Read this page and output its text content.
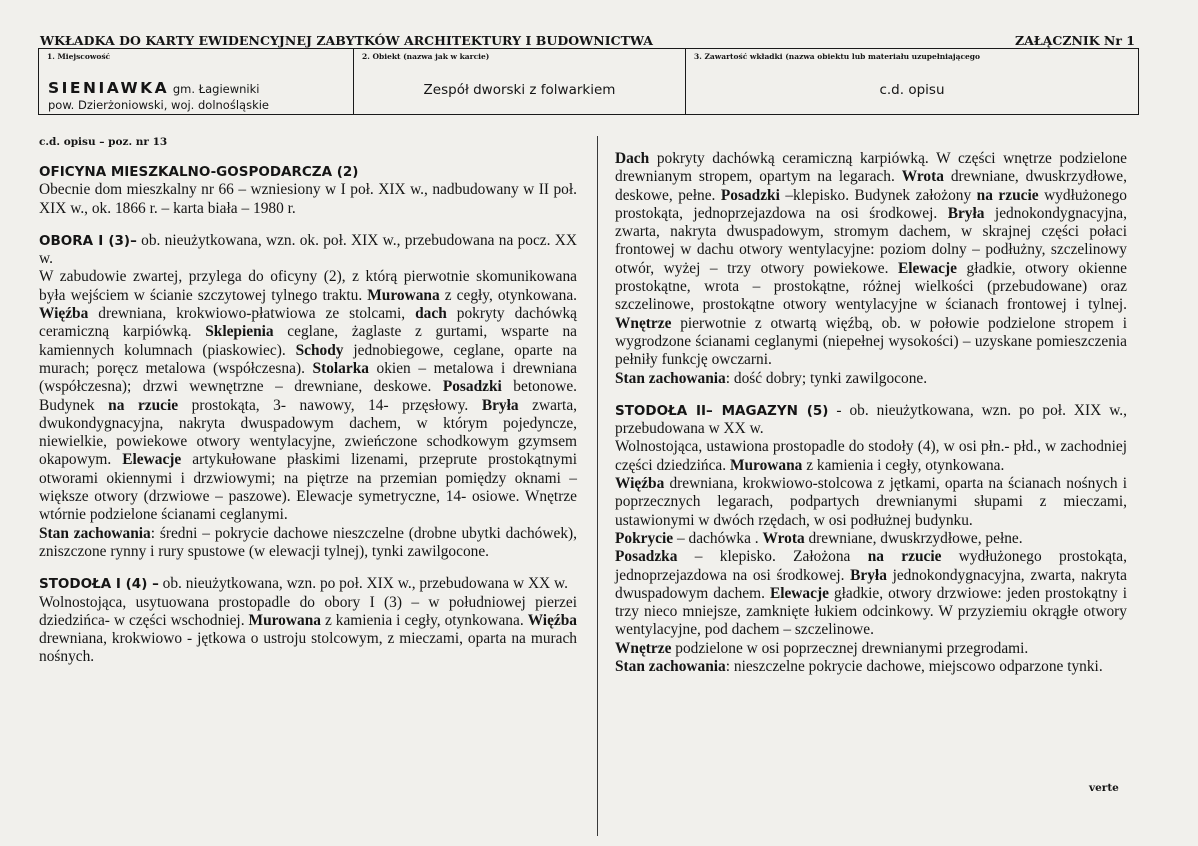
WKŁADKA DO KARTY EWIDENCYJNEJ ZABYTKÓW ARCHITEKTURY I BUDOWNICTWA	ZAŁĄCZNIK Nr 1
1. Miejscowość
SIENIAWKA gm. Łagiewniki
pow. Dzierżoniowski, woj. dolnośląskie
2. Obiekt (nazwa jak w karcie)
Zespół dworski z folwarkiem
3. Zawartość wkładki (nazwa obiektu lub materiału uzupełniającego
c.d. opisu
c.d. opisu – poz. nr 13
OFICYNA MIESZKALNO-GOSPODARCZA (2)

Obecnie dom mieszkalny nr 66 – wzniesiony w I poł. XIX w., nadbudowany w II poł. XIX w., ok. 1866 r. – karta biała – 1980 r.

OBORA I (3)– ob. nieużytkowana, wzn. ok. poł. XIX w., przebudowana na pocz. XX w.

W zabudowie zwartej, przylega do oficyny (2), z którą pierwotnie skomunikowana była wejściem w ścianie szczytowej tylnego traktu. Murowana z cegły, otynkowana. Więźba drewniana, krokwiowo-płatwiowa ze stolcami, dach pokryty dachówką ceramiczną karpiówką. Sklepienia ceglane, żaglaste z gurtami, wsparte na kamiennych kolumnach (piaskowiec). Schody jednobiegowe, ceglane, oparte na murach; poręcz metalowa (współczesna). Stolarka okien – metalowa i drewniana (współczesna); drzwi wewnętrzne – drewniane, deskowe. Posadzki betonowe. Budynek na rzucie prostokąta, 3- nawowy, 14- przęsłowy. Bryła zwarta, dwukondygnacyjna, nakryta dwuspadowym dachem, w którym pojedyncze, niewielkie, powiekowe otwory wentylacyjne, zwieńczone schodkowym gzymsem okapowym. Elewacje artykułowane płaskimi lizenami, przeprute prostokątnymi otworami okiennymi i drzwiowymi; na piętrze na przemian pomiędzy oknami – większe otwory (drzwiowe – paszowe). Elewacje symetryczne, 14- osiowe. Wnętrze wtórnie podzielone ścianami ceglanymi.
Stan zachowania: średni – pokrycie dachowe nieszczelne (drobne ubytki dachówek), zniszczone rynny i rury spustowe (w elewacji tylnej), tynki zawilgocone.

STODOŁA I (4) – ob. nieużytkowana, wzn. po poł. XIX w., przebudowana w XX w.

Wolnostojąca, usytuowana prostopadle do obory I (3) – w południowej pierzei dziedzińca- w części wschodniej. Murowana z kamienia i cegły, otynkowana. Więźba drewniana, krokwiowo - jętkowa o ustroju stolcowym, z mieczami, oparta na murach nośnych.

Dach pokryty dachówką ceramiczną karpiówką. W części wnętrze podzielone drewnianym stropem, opartym na legarach. Wrota drewniane, dwuskrzydłowe, deskowe, pełne. Posadzki –klepisko. Budynek założony na rzucie wydłużonego prostokąta, jednoprzejazdowa na osi środkowej. Bryła jednokondygnacyjna, zwarta, nakryta dwuspadowym, stromym dachem, w skrajnej części połaci frontowej w dachu otwory wentylacyjne: poziom dolny – podłużny, szczelinowy otwór, wyżej – trzy otwory powiekowe. Elewacje gładkie, otwory okienne prostokątne, wrota – prostokątne, różnej wielkości (przebudowane) oraz szczelinowe, prostokątne otwory wentylacyjne w ścianach frontowej i tylnej. Wnętrze pierwotnie z otwartą więźbą, ob. w połowie podzielone stropem i wygrodzone ścianami ceglanymi (niepełnej wysokości) – uzyskane pomieszczenia pełniły funkcję owczarni.
Stan zachowania: dość dobry; tynki zawilgocone.

STODOŁA II– MAGAZYN (5) - ob. nieużytkowana, wzn. po poł. XIX w., przebudowana w XX w.

Wolnostojąca, ustawiona prostopadle do stodoły (4), w osi płn.- płd., w zachodniej części dziedzińca. Murowana z kamienia i cegły, otynkowana.
Więźba drewniana, krokwiowo-stolcowa z jętkami, oparta na ścianach nośnych i poprzecznych legarach, podpartych drewnianymi słupami z mieczami, ustawionymi w dwóch rzędach, w osi podłużnej budynku.
Pokrycie – dachówka . Wrota drewniane, dwuskrzydłowe, pełne.
Posadzka – klepisko. Założona na rzucie wydłużonego prostokąta, jednoprzejazdowa na osi środkowej. Bryła jednokondygnacyjna, zwarta, nakryta dwuspadowym dachem. Elewacje gładkie, otwory drzwiowe: jeden prostokątny i trzy nieco mniejsze, zamknięte łukiem odcinkowy. W przyziemiu okrągłe otwory wentylacyjne, pod dachem – szczelinowe.
Wnętrze podzielone w osi poprzecznej drewnianymi przegrodami.
Stan zachowania: nieszczelne pokrycie dachowe, miejscowo odparzone tynki.

verte
